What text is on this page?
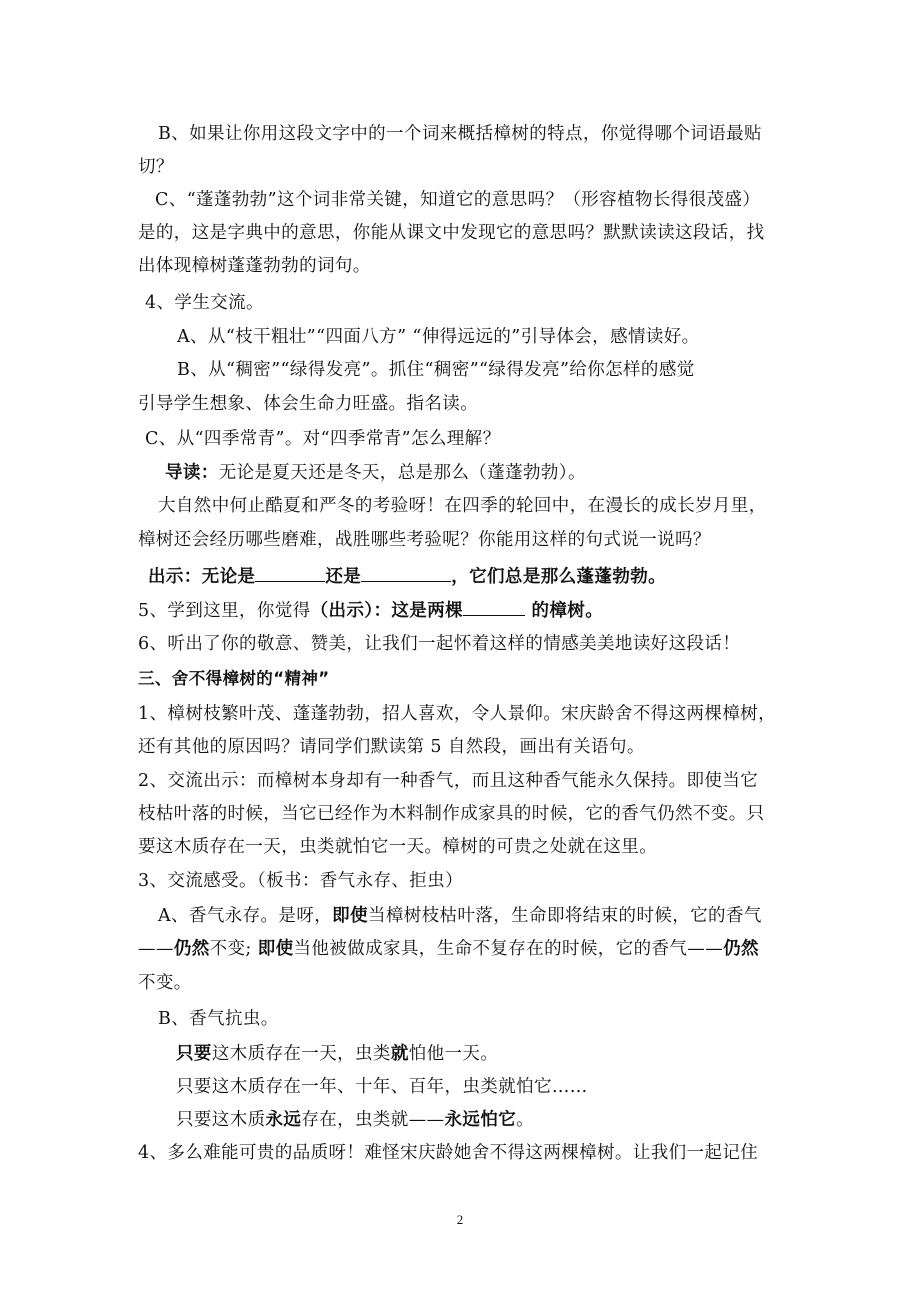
B、如果让你用这段文字中的一个词来概括樟树的特点，你觉得哪个词语最贴
切？
C、“蓬蓬勃勃”这个词非常关键，知道它的意思吗？（形容植物长得很茂盛）
是的，这是字典中的意思，你能从课文中发现它的意思吗？默默读读这段话，找
出体现樟树蓬蓬勃勃的词句。
4、学生交流。
A、从“枝干粗壮”“四面八方” “伸得远远的”引导体会，感情读好。
B、从“稠密”“绿得发亮”。抓住“稠密”“绿得发亮”给你怎样的感觉
引导学生想象、体会生命力旺盛。指名读。
C、从“四季常青”。对“四季常青”怎么理解？
导读：无论是夏天还是冬天，总是那么（蓬蓬勃勃）。
大自然中何止酷夏和严冬的考验呀！在四季的轮回中，在漫长的成长岁月里，
樟树还会经历哪些磨难，战胜哪些考验呢？你能用这样的句式说一说吗？
出示：无论是	还是	，它们总是那么蓬蓬勃勃。
5、学到这里，你觉得（出示）：这是两棵	的樟树。
6、听出了你的敬意、赞美，让我们一起怀着这样的情感美美地读好这段话！
三、舍不得樟树的“精神”
1、樟树枝繁叶茂、蓬蓬勃勃，招人喜欢，令人景仰。宋庆龄舍不得这两棵樟树，
还有其他的原因吗？请同学们默读第 5 自然段，画出有关语句。
2、交流出示：而樟树本身却有一种香气，而且这种香气能永久保持。即使当它
枝枯叶落的时候，当它已经作为木料制作成家具的时候，它的香气仍然不变。只
要这木质存在一天，虫类就怕它一天。樟树的可贵之处就在这里。
3、交流感受。（板书：香气永存、拒虫）
A、香气永存。是呀，即使当樟树枝枯叶落，生命即将结束的时候，它的香气
——仍然不变; 即使当他被做成家具，生命不复存在的时候，它的香气——仍然
不变。
B、香气抗虫。
只要这木质存在一天，虫类就怕他一天。
只要这木质存在一年、十年、百年，虫类就怕它……
只要这木质永远存在，虫类就——永远怕它。
4、多么难能可贵的品质呀！难怪宋庆龄她舍不得这两棵樟树。让我们一起记住
2
